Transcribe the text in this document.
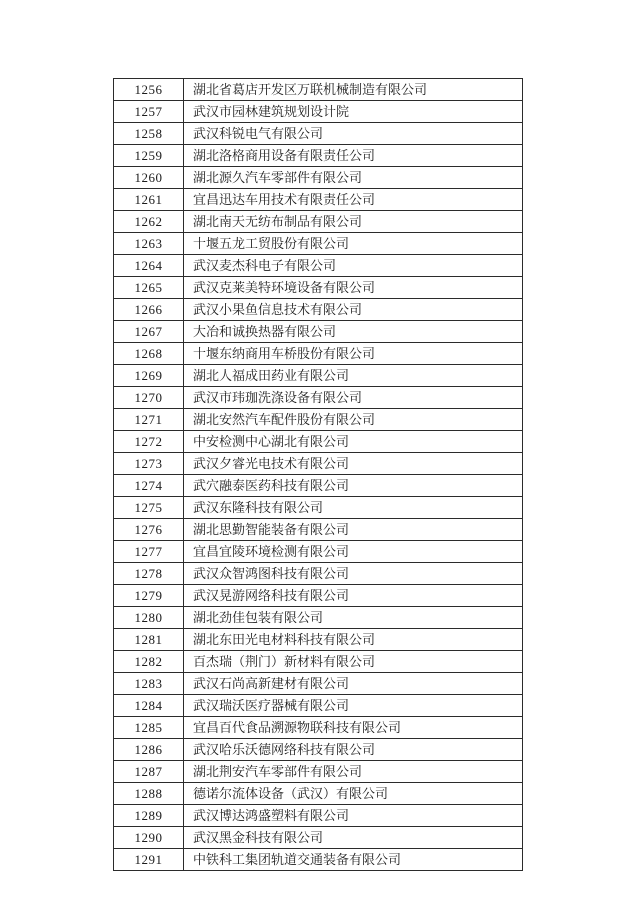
1256	湖北省葛店开发区万联机械制造有限公司
1257	武汉市园林建筑规划设计院
1258	武汉科锐电气有限公司
1259	湖北洛格商用设备有限责任公司
1260	湖北源久汽车零部件有限公司
1261	宜昌迅达车用技术有限责任公司
1262	湖北南天无纺布制品有限公司
1263	十堰五龙工贸股份有限公司
1264	武汉麦杰科电子有限公司
1265	武汉克莱美特环境设备有限公司
1266	武汉小果鱼信息技术有限公司
1267	大冶和诚换热器有限公司
1268	十堰东纳商用车桥股份有限公司
1269	湖北人福成田药业有限公司
1270	武汉市玮珈洗涤设备有限公司
1271	湖北安然汽车配件股份有限公司
1272	中安检测中心湖北有限公司
1273	武汉夕睿光电技术有限公司
1274	武穴融泰医药科技有限公司
1275	武汉东隆科技有限公司
1276	湖北思勤智能装备有限公司
1277	宜昌宜陵环境检测有限公司
1278	武汉众智鸿图科技有限公司
1279	武汉晃游网络科技有限公司
1280	湖北劲佳包装有限公司
1281	湖北东田光电材料科技有限公司
1282	百杰瑞（荆门）新材料有限公司
1283	武汉石尚高新建材有限公司
1284	武汉瑞沃医疗器械有限公司
1285	宜昌百代食品溯源物联科技有限公司
1286	武汉哈乐沃德网络科技有限公司
1287	湖北荆安汽车零部件有限公司
1288	德诺尔流体设备（武汉）有限公司
1289	武汉博达鸿盛塑料有限公司
1290	武汉黑金科技有限公司
1291	中铁科工集团轨道交通装备有限公司
